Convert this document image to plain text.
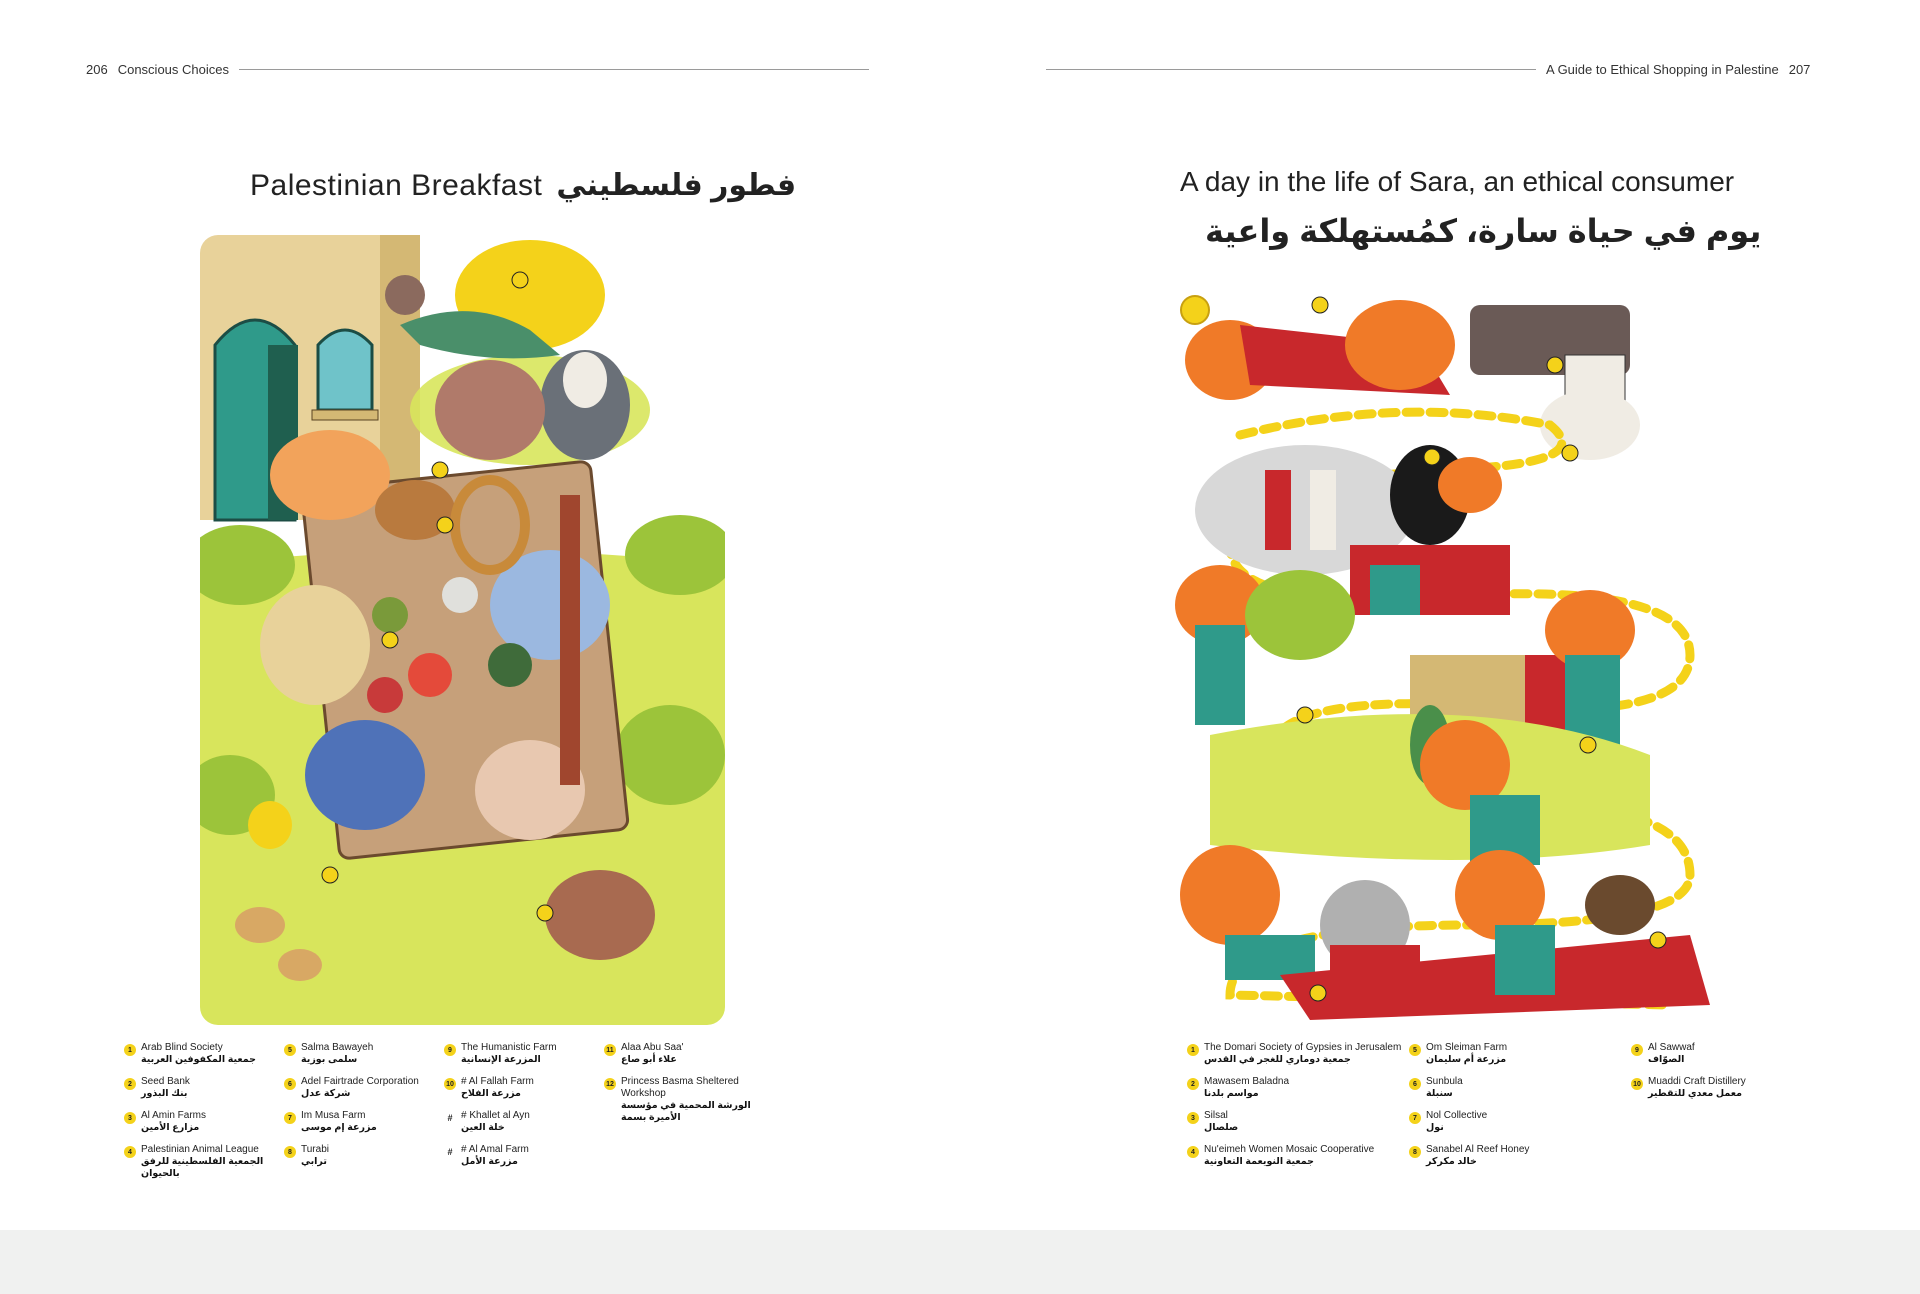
206 Conscious Choices
Palestinian Breakfast فطور فلسطيني
1 Arab Blind Society
جمعية المكفوفين العربية
2 Seed Bank
بنك البذور
3 Al Amin Farms
مزارع الأمين
4 Palestinian Animal League
الجمعية الفلسطينية للرفق بالحيوان
5 Salma Bawayeh
سلمى بوزية
6 Adel Fairtrade Corporation
شركة عدل
7 Im Musa Farm
مزرعة إم موسى
8 Turabi
ترابي
9 The Humanistic Farm
المزرعة الإنسانية
10 # Al Fallah Farm
مزرعة الفلاح
# # Khallet al Ayn
خلة العين
# # Al Amal Farm
مزرعة الأمل
11 Alaa Abu Saa'
علاء أبو صاع
12 Princess Basma Sheltered Workshop
الورشة المحمية في مؤسسة الأميرة بسمة
A Guide to Ethical Shopping in Palestine 207
A day in the life of Sara, an ethical consumer
يوم في حياة سارة، كمُستهلكة واعية
1 The Domari Society of Gypsies in Jerusalem
جمعية دوماري للغجر في القدس
2 Mawasem Baladna
مواسم بلدنا
3 Silsal
صلصال
4 Nu'eimeh Women Mosaic Cooperative
جمعية النويعمة التعاونية
5 Om Sleiman Farm
مزرعة أم سليمان
6 Sunbula
سنبلة
7 Nol Collective
نول
8 Sanabel Al Reef Honey
خالد مكركر
9 Al Sawwaf
الصوّاف
10 Muaddi Craft Distillery
معمل معدي للتقطير
